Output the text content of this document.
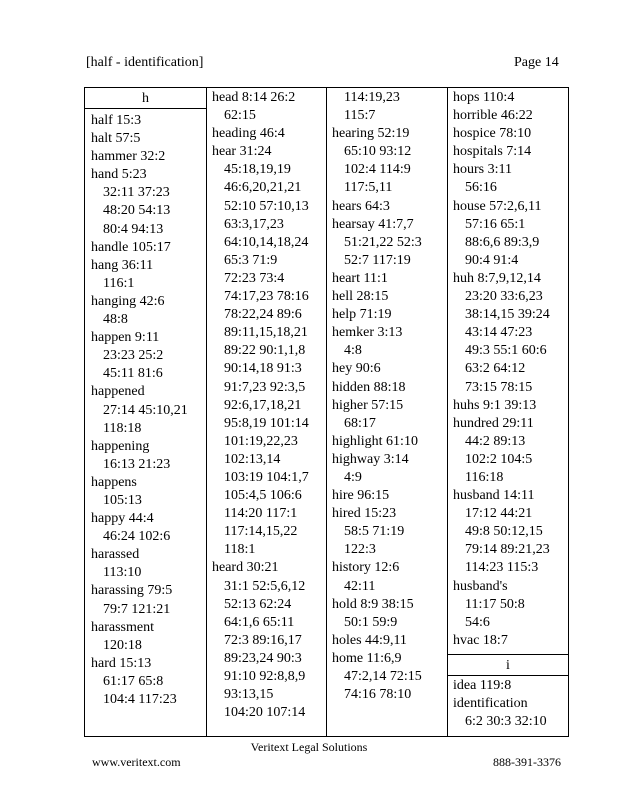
[half - identification]	Page 14
h
i
half 15:3
halt 57:5
hammer 32:2
hand 5:23
32:11 37:23
48:20 54:13
80:4 94:13
handle 105:17
hang 36:11
116:1
hanging 42:6
48:8
happen 9:11
23:23 25:2
45:11 81:6
happened
27:14 45:10,21
118:18
happening
16:13 21:23
happens
105:13
happy 44:4
46:24 102:6
harassed
113:10
harassing 79:5
79:7 121:21
harassment
120:18
hard 15:13
61:17 65:8
104:4 117:23
head 8:14 26:2
62:15
heading 46:4
hear 31:24
45:18,19,19
46:6,20,21,21
52:10 57:10,13
63:3,17,23
64:10,14,18,24
65:3 71:9
72:23 73:4
74:17,23 78:16
78:22,24 89:6
89:11,15,18,21
89:22 90:1,1,8
90:14,18 91:3
91:7,23 92:3,5
92:6,17,18,21
95:8,19 101:14
101:19,22,23
102:13,14
103:19 104:1,7
105:4,5 106:6
114:20 117:1
117:14,15,22
118:1
heard 30:21
31:1 52:5,6,12
52:13 62:24
64:1,6 65:11
72:3 89:16,17
89:23,24 90:3
91:10 92:8,8,9
93:13,15
104:20 107:14
114:19,23
115:7
hearing 52:19
65:10 93:12
102:4 114:9
117:5,11
hears 64:3
hearsay 41:7,7
51:21,22 52:3
52:7 117:19
heart 11:1
hell 28:15
help 71:19
hemker 3:13
4:8
hey 90:6
hidden 88:18
higher 57:15
68:17
highlight 61:10
highway 3:14
4:9
hire 96:15
hired 15:23
58:5 71:19
122:3
history 12:6
42:11
hold 8:9 38:15
50:1 59:9
holes 44:9,11
home 11:6,9
47:2,14 72:15
74:16 78:10
hops 110:4
horrible 46:22
hospice 78:10
hospitals 7:14
hours 3:11
56:16
house 57:2,6,11
57:16 65:1
88:6,6 89:3,9
90:4 91:4
huh 8:7,9,12,14
23:20 33:6,23
38:14,15 39:24
43:14 47:23
49:3 55:1 60:6
63:2 64:12
73:15 78:15
huhs 9:1 39:13
hundred 29:11
44:2 89:13
102:2 104:5
116:18
husband 14:11
17:12 44:21
49:8 50:12,15
79:14 89:21,23
114:23 115:3
husband's
11:17 50:8
54:6
hvac 18:7
idea 119:8
identification
6:2 30:3 32:10
Veritext Legal Solutions
www.veritext.com	888-391-3376
